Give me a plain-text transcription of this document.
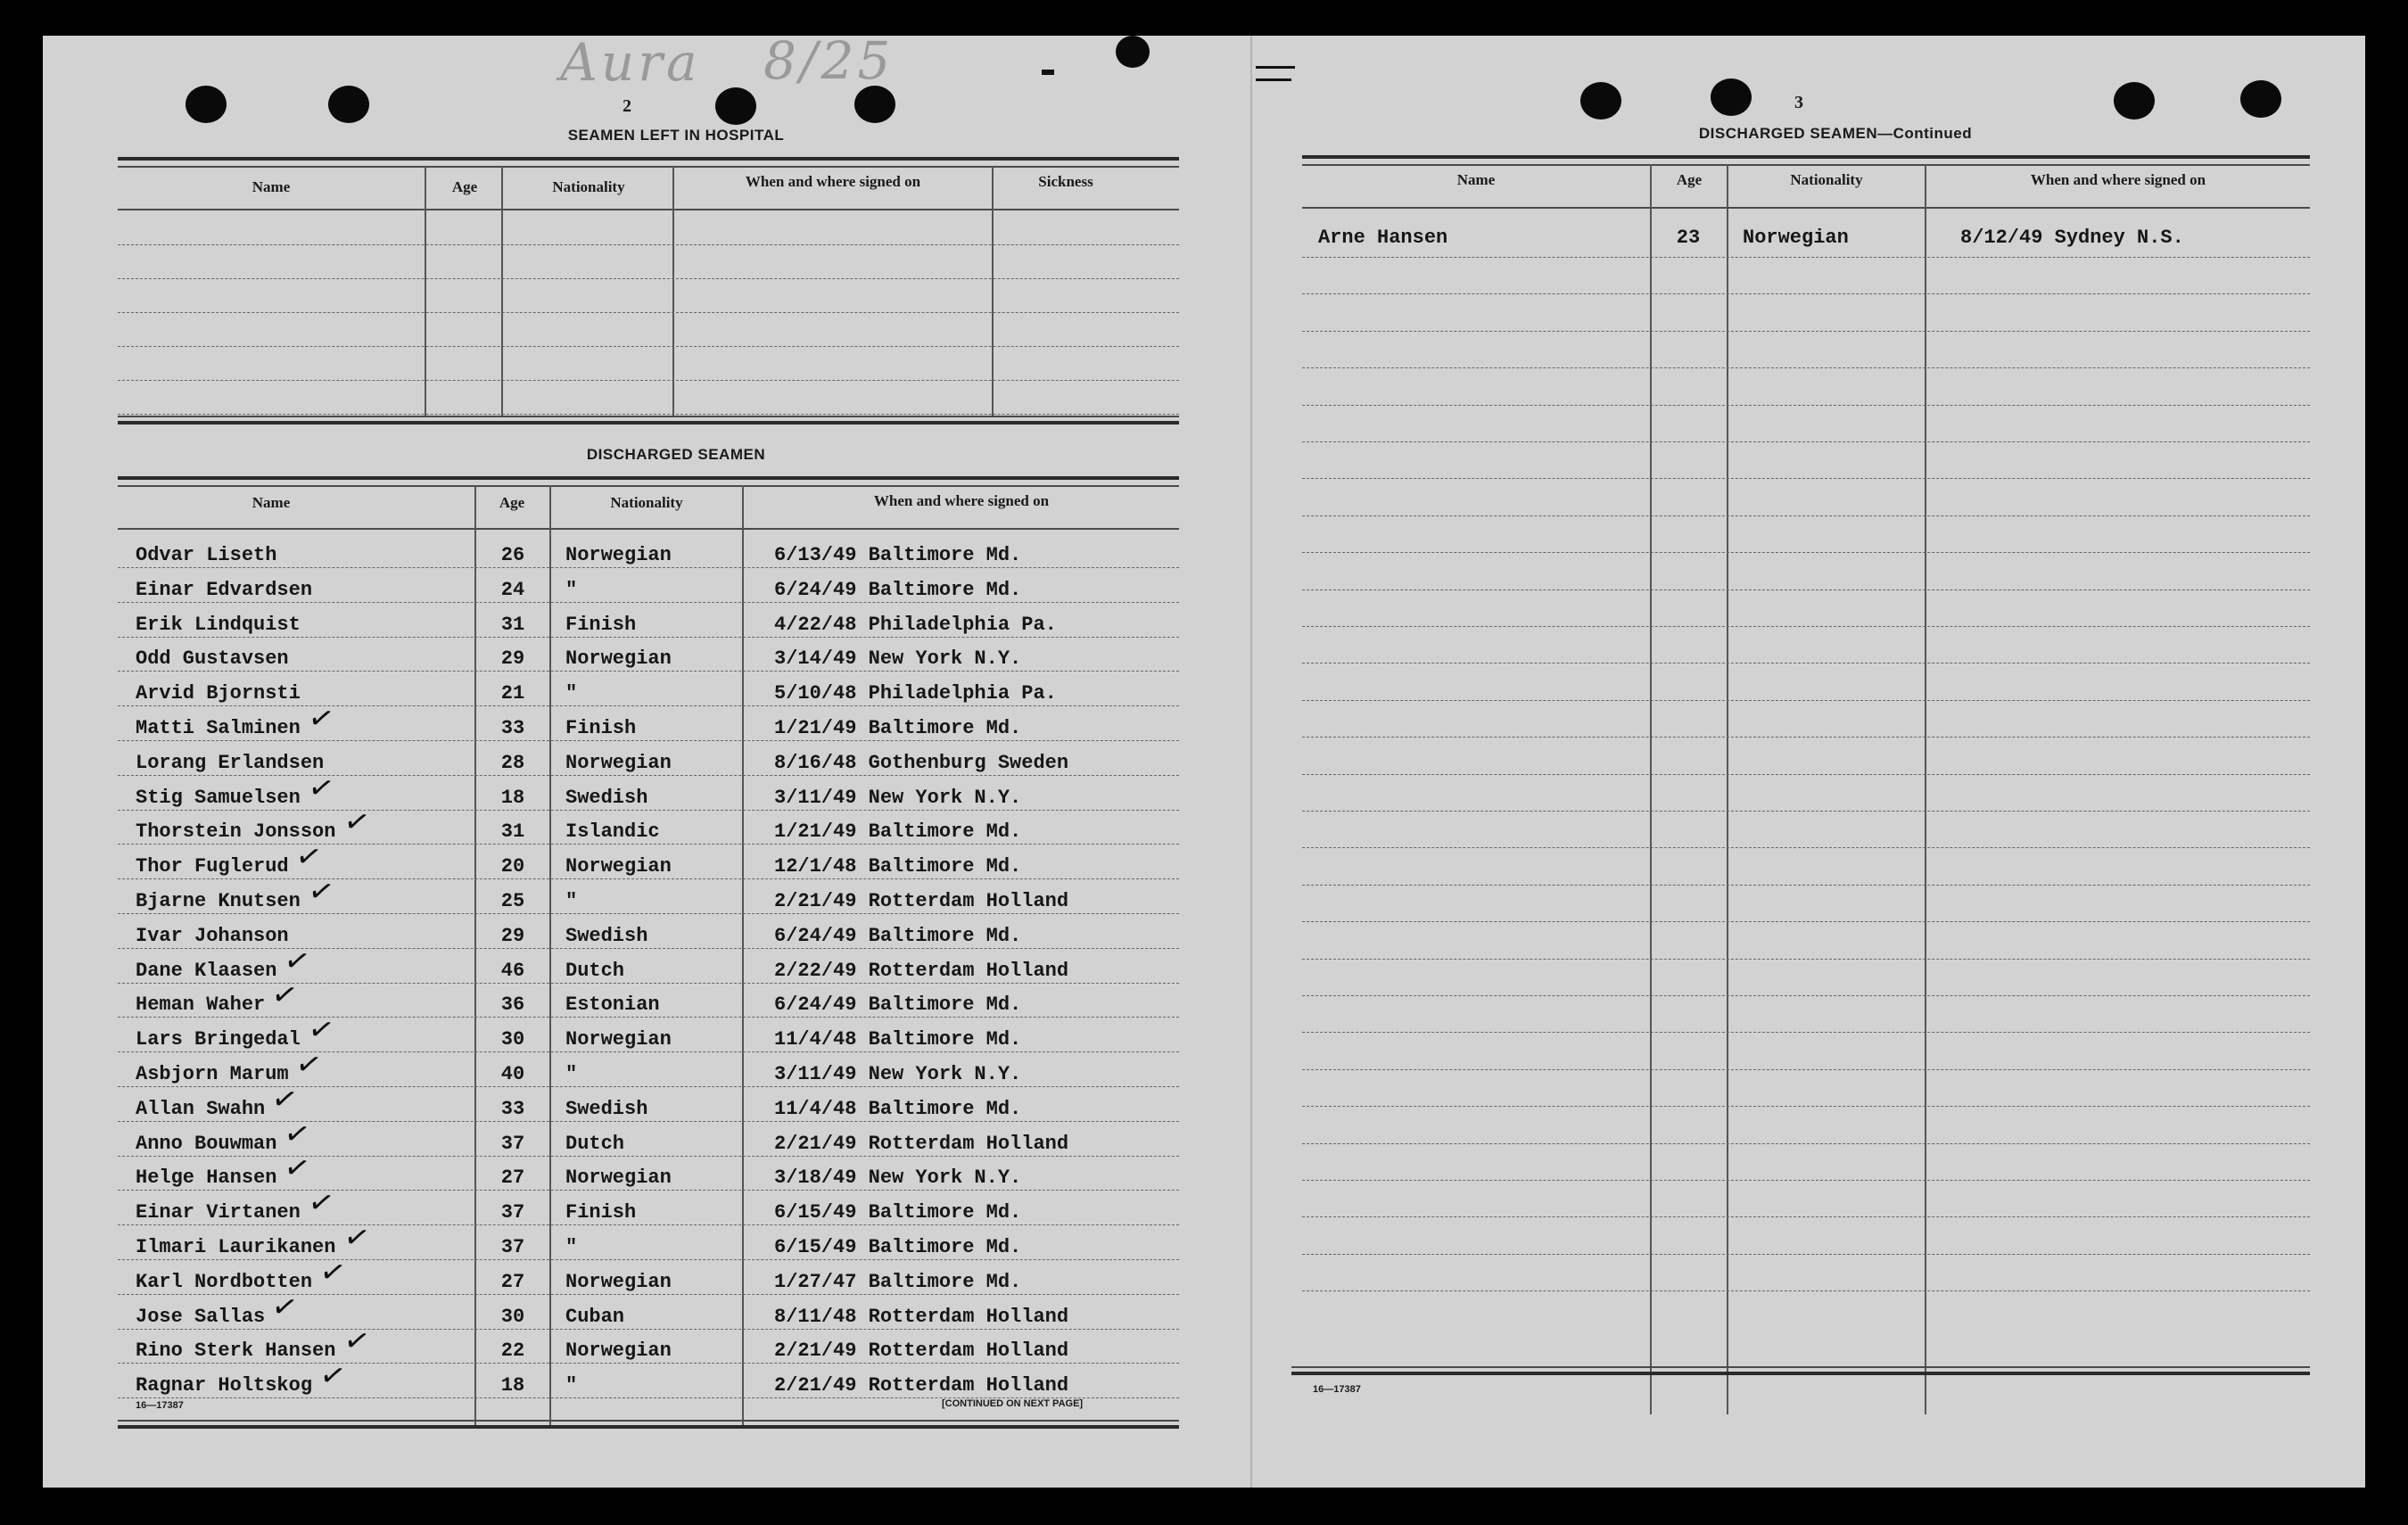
Aura 8/25
2
SEAMEN LEFT IN HOSPITAL
Name	Age	Nationality	When and where signed on	Sickness
DISCHARGED SEAMEN
Name	Age	Nationality	When and where signed on
Odvar Liseth	26	Norwegian	6/13/49 Baltimore Md.
Einar Edvardsen	24	"	6/24/49 Baltimore Md.
Erik Lindquist	31	Finish	4/22/48 Philadelphia Pa.
Odd Gustavsen	29	Norwegian	3/14/49 New York N.Y.
Arvid Bjornsti	21	"	5/10/48 Philadelphia Pa.
Matti Salminen	33	Finish	1/21/49 Baltimore Md.
✓
Lorang Erlandsen	28	Norwegian	8/16/48 Gothenburg Sweden
Stig Samuelsen	18	Swedish	3/11/49 New York N.Y.
✓
Thorstein Jonsson	31	Islandic	1/21/49 Baltimore Md.
✓
Thor Fuglerud	20	Norwegian	12/1/48 Baltimore Md.
✓
Bjarne Knutsen	25	"	2/21/49 Rotterdam Holland
✓
Ivar Johanson	29	Swedish	6/24/49 Baltimore Md.
Dane Klaasen	46	Dutch	2/22/49 Rotterdam Holland
✓
Heman Waher	36	Estonian	6/24/49 Baltimore Md.
✓
Lars Bringedal	30	Norwegian	11/4/48 Baltimore Md.
✓
Asbjorn Marum	40	"	3/11/49 New York N.Y.
✓
Allan Swahn	33	Swedish	11/4/48 Baltimore Md.
✓
Anno Bouwman	37	Dutch	2/21/49 Rotterdam Holland
✓
Helge Hansen	27	Norwegian	3/18/49 New York N.Y.
✓
Einar Virtanen	37	Finish	6/15/49 Baltimore Md.
✓
Ilmari Laurikanen	37	"	6/15/49 Baltimore Md.
✓
Karl Nordbotten	27	Norwegian	1/27/47 Baltimore Md.
✓
Jose Sallas	30	Cuban	8/11/48 Rotterdam Holland
✓
Rino Sterk Hansen	22	Norwegian	2/21/49 Rotterdam Holland
✓
Ragnar Holtskog	18	"	2/21/49 Rotterdam Holland
✓
16—17387	[CONTINUED ON NEXT PAGE]
3
DISCHARGED SEAMEN—Continued
Name	Age	Nationality	When and where signed on
Arne Hansen	23	Norwegian	8/12/49 Sydney N.S.
16—17387
